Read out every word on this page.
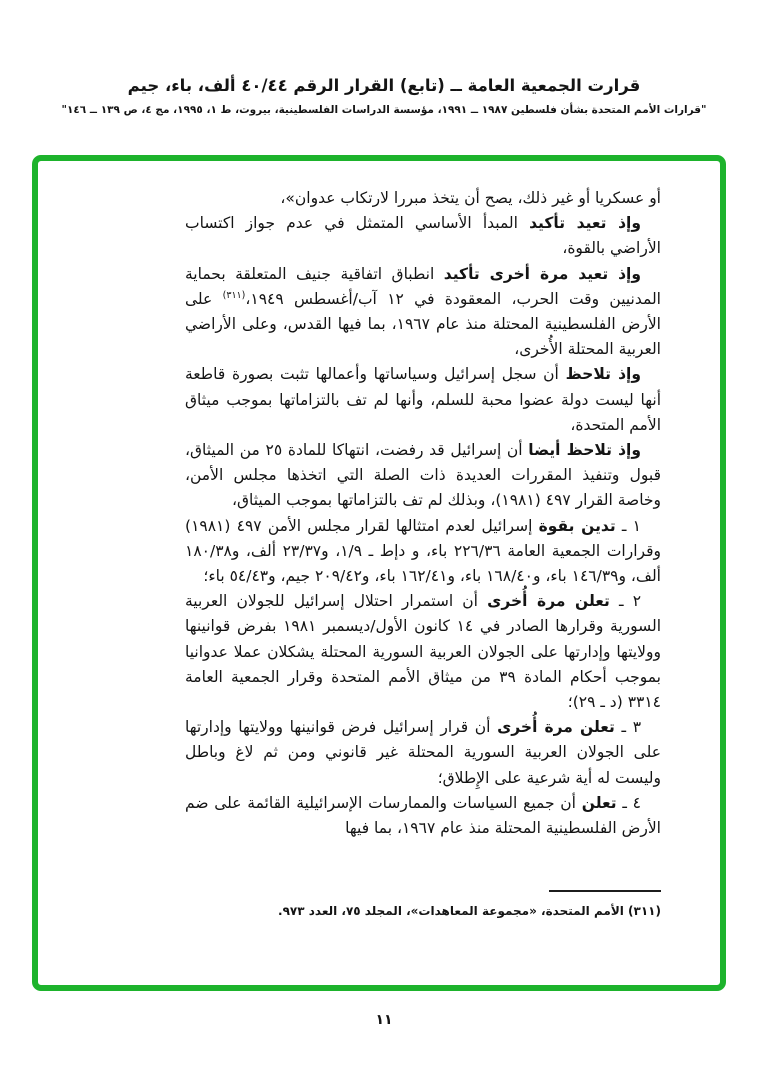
قرارت الجمعية العامة ــ (تابع) القرار الرقم ٤٠/٤٤ ألف، باء، جيم
"قرارات الأمم المتحدة بشأن فلسطين ١٩٨٧ ــ ١٩٩١، مؤسسة الدراسات الفلسطينية، بيروت، ط ١، ١٩٩٥، مج ٤، ص ١٣٩ ــ ١٤٦"

أو عسكريا أو غير ذلك، يصح أن يتخذ مبررا لارتكاب عدوان»،

وإذ تعيد تأكيد المبدأ الأساسي المتمثل في عدم جواز اكتساب الأراضي بالقوة،

وإذ تعيد مرة أخرى تأكيد انطباق اتفاقية جنيف المتعلقة بحماية المدنيين وقت الحرب، المعقودة في ١٢ آب/أغسطس ١٩٤٩،$^{(٣١١)}$ على الأرض الفلسطينية المحتلة منذ عام ١٩٦٧، بما فيها القدس، وعلى الأراضي العربية المحتلة الأُخرى،

وإذ تلاحظ أن سجل إسرائيل وسياساتها وأعمالها تثبت بصورة قاطعة أنها ليست دولة عضوا محبة للسلم، وأنها لم تف بالتزاماتها بموجب ميثاق الأمم المتحدة،

وإذ تلاحظ أيضا أن إسرائيل قد رفضت، انتهاكا للمادة ٢٥ من الميثاق، قبول وتنفيذ المقررات العديدة ذات الصلة التي اتخذها مجلس الأمن، وخاصة القرار ٤٩٧ (١٩٨١)، وبذلك لم تف بالتزاماتها بموجب الميثاق،

١ ـ تدين بقوة إسرائيل لعدم امتثالها لقرار مجلس الأمن ٤٩٧ (١٩٨١) وقرارات الجمعية العامة ٢٢٦/٣٦ باء، و دإط ـ ١/٩، و٢٣/٣٧ ألف، و١٨٠/٣٨ ألف، و١٤٦/٣٩ باء، و١٦٨/٤٠ باء، و١٦٢/٤١ باء، و٢٠٩/٤٢ جيم، و٥٤/٤٣ باء؛

٢ ـ تعلن مرة أُخرى أن استمرار احتلال إسرائيل للجولان العربية السورية وقرارها الصادر في ١٤ كانون الأول/ديسمبر ١٩٨١ بفرض قوانينها وولايتها وإدارتها على الجولان العربية السورية المحتلة يشكلان عملا عدوانيا بموجب أحكام المادة ٣٩ من ميثاق الأمم المتحدة وقرار الجمعية العامة ٣٣١٤ (د ـ ٢٩)؛

٣ ـ تعلن مرة أُخرى أن قرار إسرائيل فرض قوانينها وولايتها وإدارتها على الجولان العربية السورية المحتلة غير قانوني ومن ثم لاغ وباطل وليست له أية شرعية على الإِطلاق؛

٤ ـ تعلن أن جميع السياسات والممارسات الإسرائيلية القائمة على ضم الأرض الفلسطينية المحتلة منذ عام ١٩٦٧، بما فيها

(٣١١) الأمم المتحدة، «مجموعة المعاهدات»، المجلد ٧٥، العدد ٩٧٣.
١١
